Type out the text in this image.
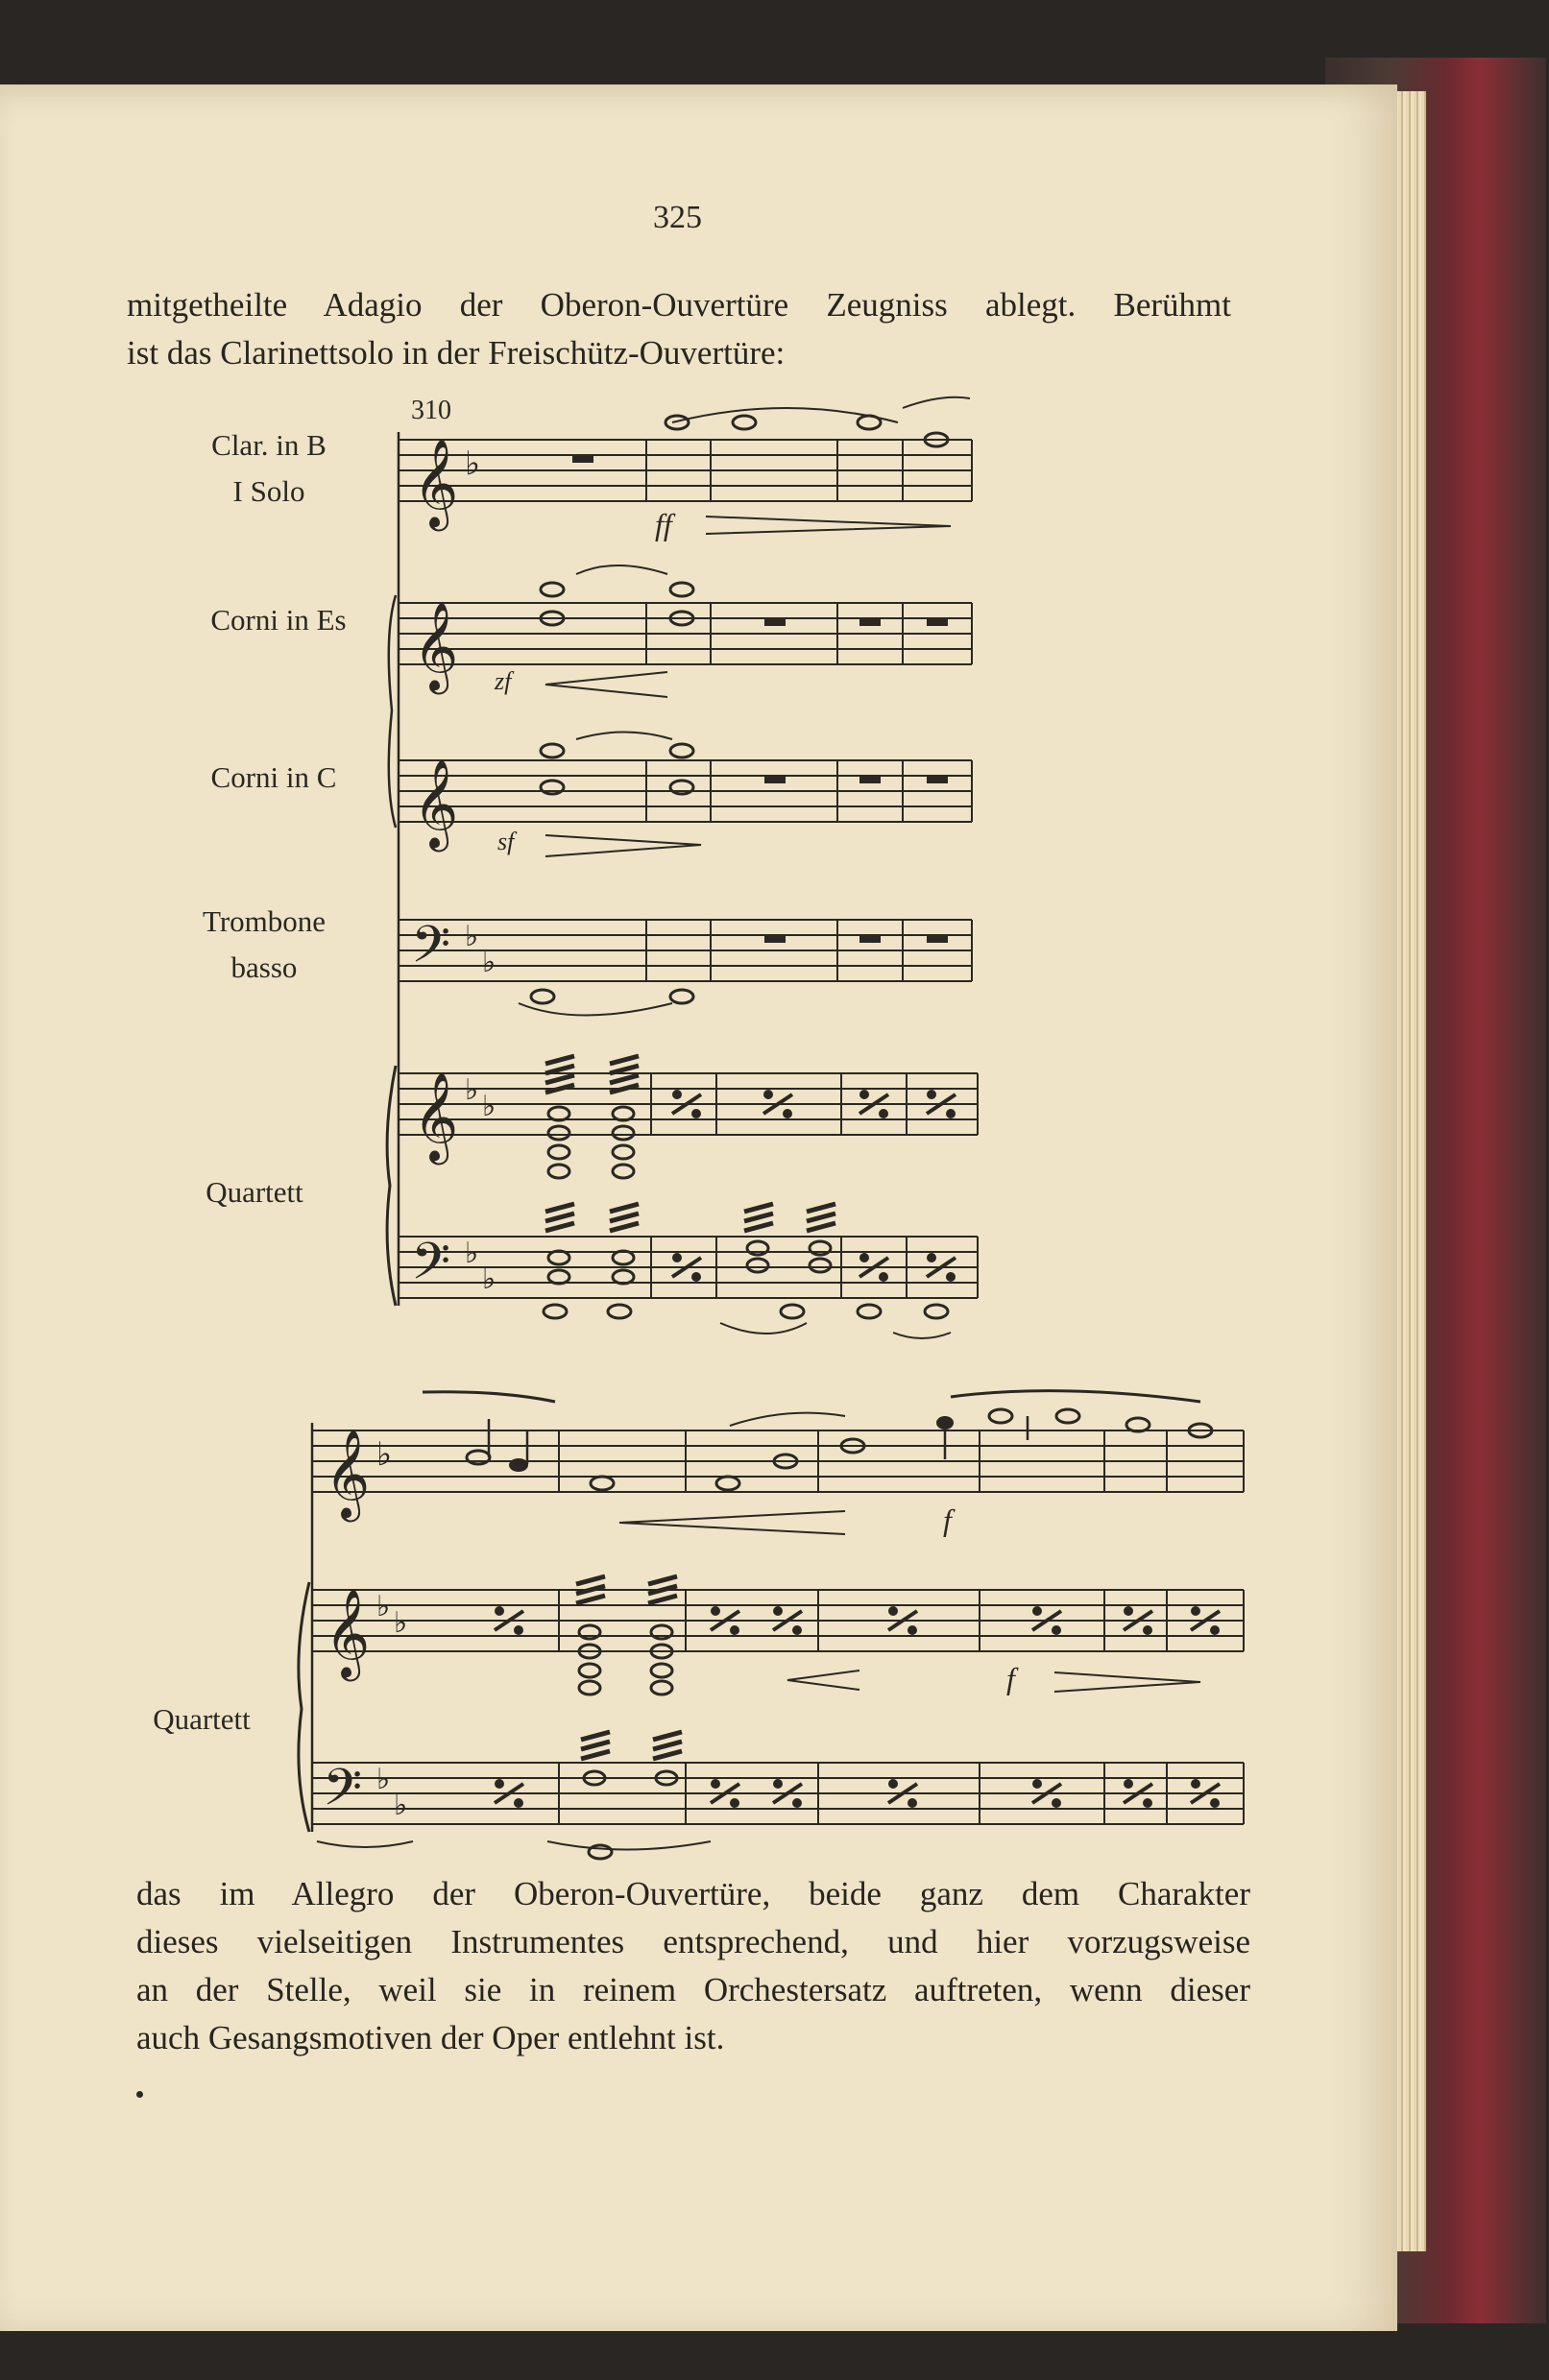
325
mitgetheilte Adagio der Oberon-Ouvertüre Zeugniss ablegt. Berühmt
ist das Clarinettsolo in der Freischütz-Ouvertüre:
310
Clar. in B
I Solo
Corni in Es
Corni in C
Trombone
basso
Quartett
Quartett
ff
zf
sf
f
f
𝄞 ♭
𝄞
𝄞
𝄢 ♭
♭
𝄞 ♭ ♭
𝄢 ♭
♭
𝄞 ♭
𝄞 ♭ ♭
𝄢 ♭
♭
das im Allegro der Oberon-Ouvertüre, beide ganz dem Charakter
dieses vielseitigen Instrumentes entsprechend, und hier vorzugsweise
an der Stelle, weil sie in reinem Orchestersatz auftreten, wenn dieser
auch Gesangsmotiven der Oper entlehnt ist.
